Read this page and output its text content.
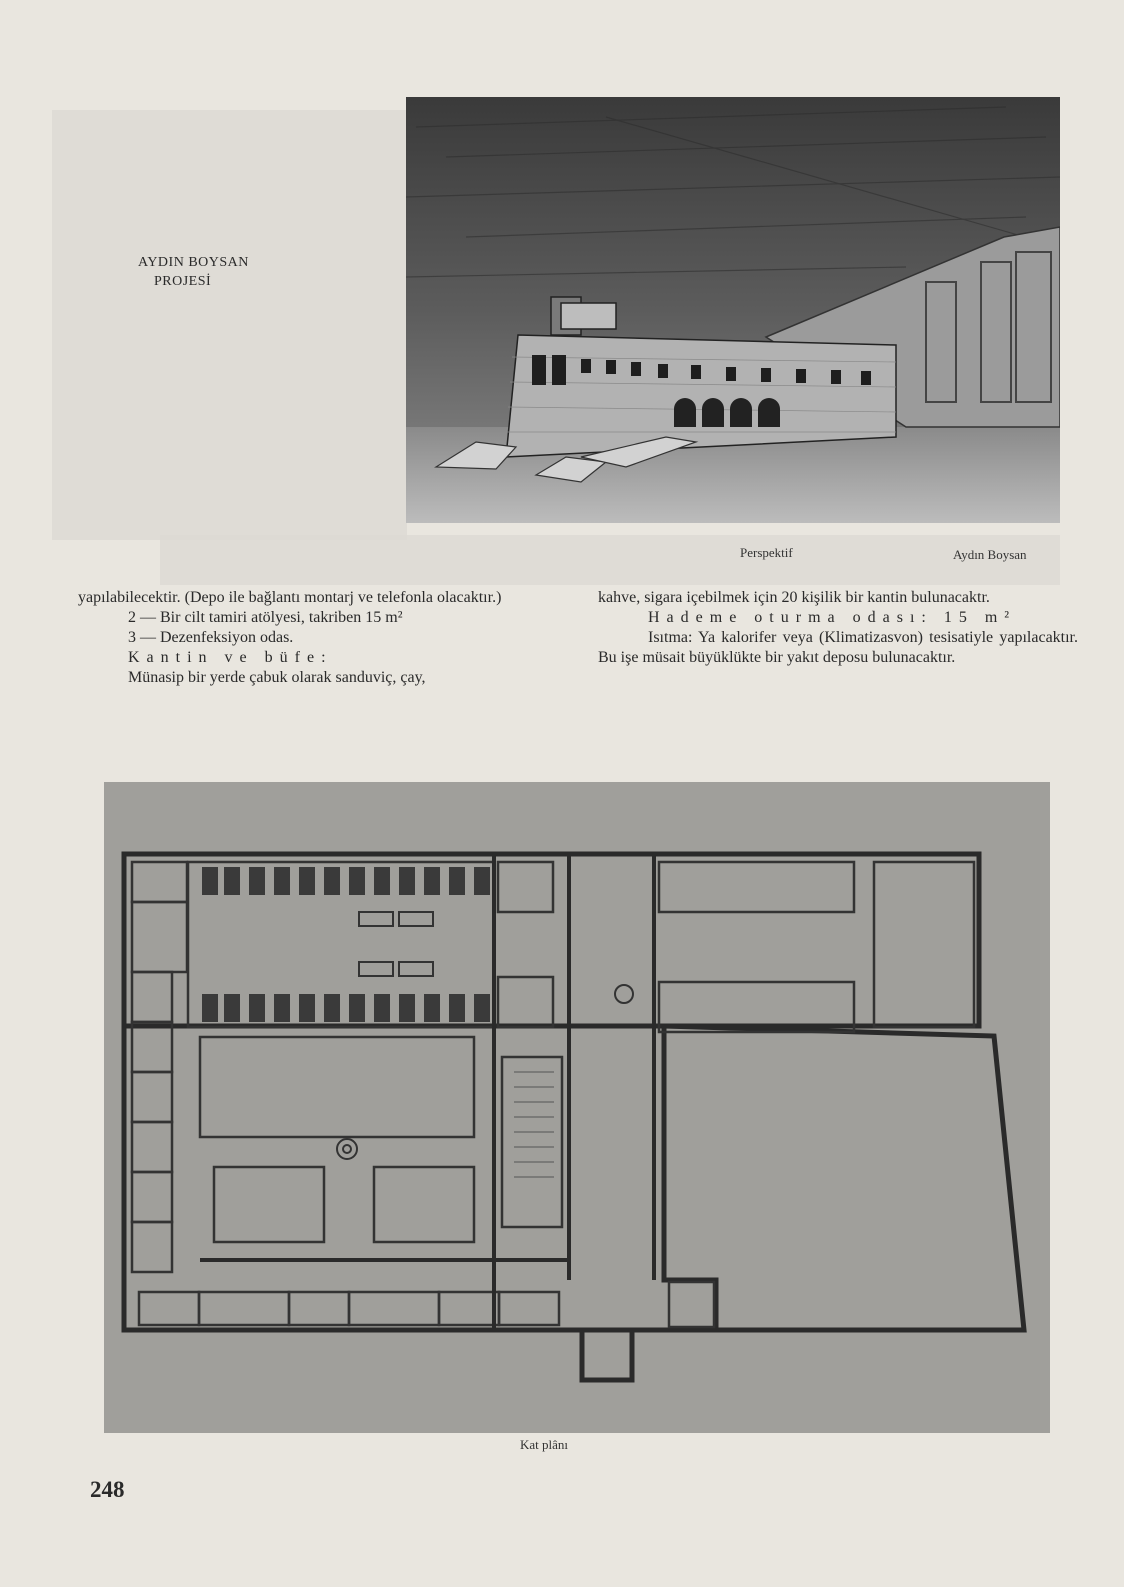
AYDIN BOYSAN
PROJESİ
Perspektif	Aydın Boysan

yapılabilecektir. (Depo ile bağlantı montarj ve telefonla olacaktır.)

2 — Bir cilt tamiri atölyesi, takriben 15 m²

3 — Dezenfeksiyon odas.

Kantin ve büfe:

Münasip bir yerde çabuk olarak sanduviç, çay,

kahve, sigara içebilmek için 20 kişilik bir kantin bulunacaktr.

Hademe oturma odası: 15 m²

Isıtma: Ya kalorifer veya (Klimatizasvon) tesisatiyle yapılacaktır. Bu işe müsait büyüklükte bir yakıt deposu bulunacaktır.

Kat plânı
248
